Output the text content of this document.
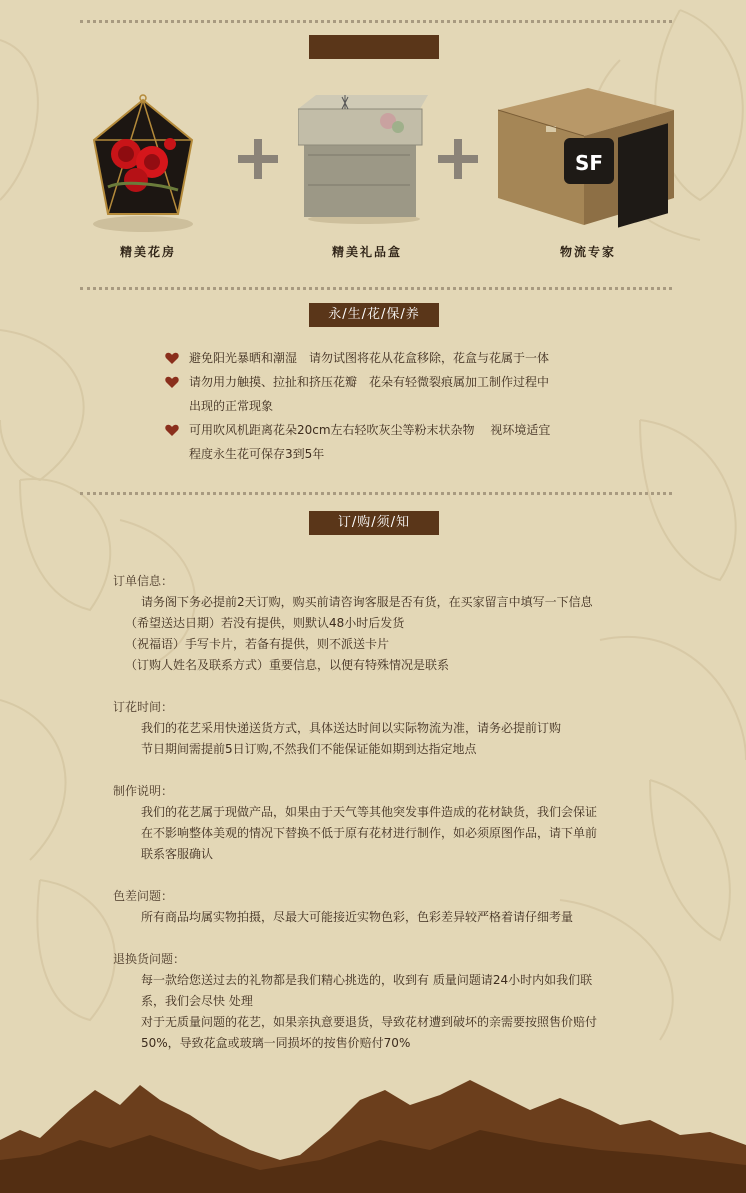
精美花房	精美礼品盒
SF
物流专家
永/生/花/保/养
避免阳光暴晒和潮湿　请勿试图将花从花盒移除，花盒与花属于一体
请勿用力触摸、拉扯和挤压花瓣　花朵有轻微裂痕属加工制作过程中
出现的正常现象
可用吹风机距离花朵20cm左右轻吹灰尘等粉末状杂物　 视环境适宜
程度永生花可保存3到5年
订/购/须/知
订单信息：
请务阁下务必提前2天订购，购买前请咨询客服是否有货，在买家留言中填写一下信息
（希望送达日期）若没有提供，则默认48小时后发货
（祝福语）手写卡片，若备有提供，则不派送卡片
（订购人姓名及联系方式）重要信息，以便有特殊情况是联系
订花时间：
我们的花艺采用快递送货方式，具体送达时间以实际物流为准，请务必提前订购
节日期间需提前5日订购,不然我们不能保证能如期到达指定地点
制作说明：
我们的花艺属于现做产品，如果由于天气等其他突发事件造成的花材缺货，我们会保证
在不影响整体美观的情况下替换不低于原有花材进行制作，如必须原图作品，请下单前
联系客服确认
色差问题：
所有商品均属实物拍摄，尽最大可能接近实物色彩，色彩差异较严格着请仔细考量
退换货问题：
每一款给您送过去的礼物都是我们精心挑选的，收到有 质量问题请24小时内如我们联
系，我们会尽快 处理
对于无质量问题的花艺，如果亲执意要退货，导致花材遭到破坏的亲需要按照售价赔付
50%，导致花盒或玻璃一同损坏的按售价赔付70%
